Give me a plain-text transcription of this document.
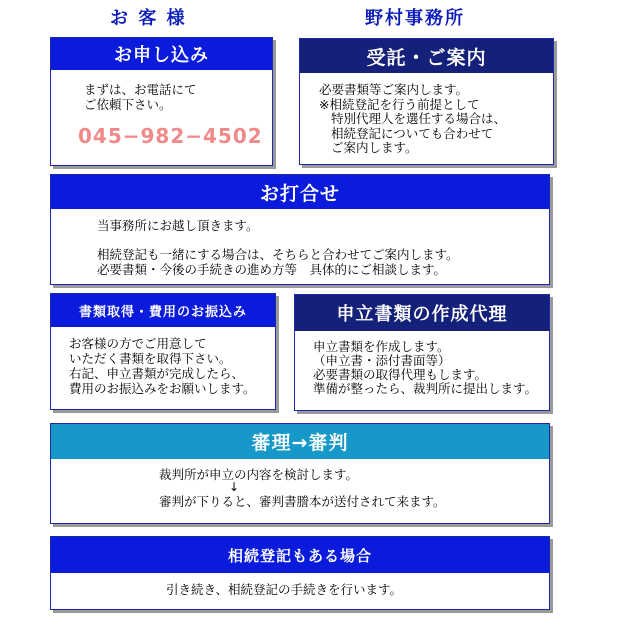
お 客 様	野村事務所
お申し込み
まずは、お電話にて
ご依頼下さい。
045−982−4502
受託・ご案内
必要書類等ご案内します。
※相続登記を行う前提として
特別代理人を選任する場合は、
相続登記についても合わせて
ご案内します。
お打合せ
当事務所にお越し頂きます。
相続登記も一緒にする場合は、そちらと合わせてご案内します。
必要書類・今後の手続きの進め方等　具体的にご相談します。
書類取得・費用のお振込み
お客様の方でご用意して
いただく書類を取得下さい。
右記、申立書類が完成したら、
費用のお振込みをお願いします。
申立書類の作成代理
申立書類を作成します。
（申立書・添付書面等）
必要書類の取得代理もします。
準備が整ったら、裁判所に提出します。
審理→審判
裁判所が申立の内容を検討します。
↓
審判が下りると、審判書謄本が送付されて来ます。
相続登記もある場合
引き続き、相続登記の手続きを行います。
